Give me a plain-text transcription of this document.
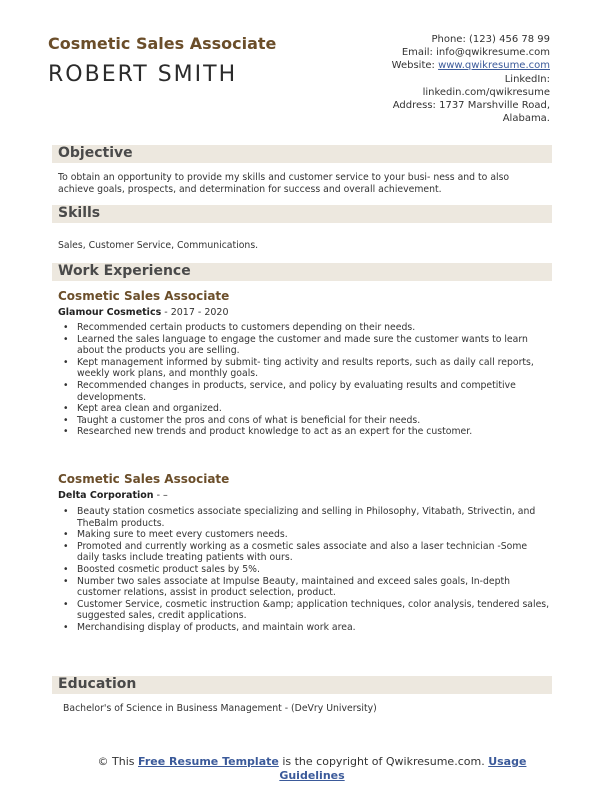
Cosmetic Sales Associate
ROBERT SMITH
Phone: (123) 456 78 99
Email: info@qwikresume.com
Website: www.qwikresume.com
LinkedIn:
linkedin.com/qwikresume
Address: 1737 Marshville Road,
Alabama.
Objective
To obtain an opportunity to provide my skills and customer service to your busi- ness and to also achieve goals, prospects, and determination for success and overall achievement.
Skills
Sales, Customer Service, Communications.
Work Experience
Cosmetic Sales Associate
Glamour Cosmetics - 2017 - 2020
• Recommended certain products to customers depending on their needs.
• Learned the sales language to engage the customer and made sure the customer wants to learn about the products you are selling.
• Kept management informed by submit- ting activity and results reports, such as daily call reports, weekly work plans, and monthly goals.
• Recommended changes in products, service, and policy by evaluating results and competitive developments.
• Kept area clean and organized.
• Taught a customer the pros and cons of what is beneficial for their needs.
• Researched new trends and product knowledge to act as an expert for the customer.
Cosmetic Sales Associate
Delta Corporation - –
• Beauty station cosmetics associate specializing and selling in Philosophy, Vitabath, Strivectin, and TheBalm products.
• Making sure to meet every customers needs.
• Promoted and currently working as a cosmetic sales associate and also a laser technician -Some daily tasks include treating patients with ours.
• Boosted cosmetic product sales by 5%.
• Number two sales associate at Impulse Beauty, maintained and exceed sales goals, In-depth customer relations, assist in product selection, product.
• Customer Service, cosmetic instruction &amp; application techniques, color analysis, tendered sales, suggested sales, credit applications.
• Merchandising display of products, and maintain work area.
Education
Bachelor's of Science in Business Management - (DeVry University)
© This Free Resume Template is the copyright of Qwikresume.com. Usage Guidelines
